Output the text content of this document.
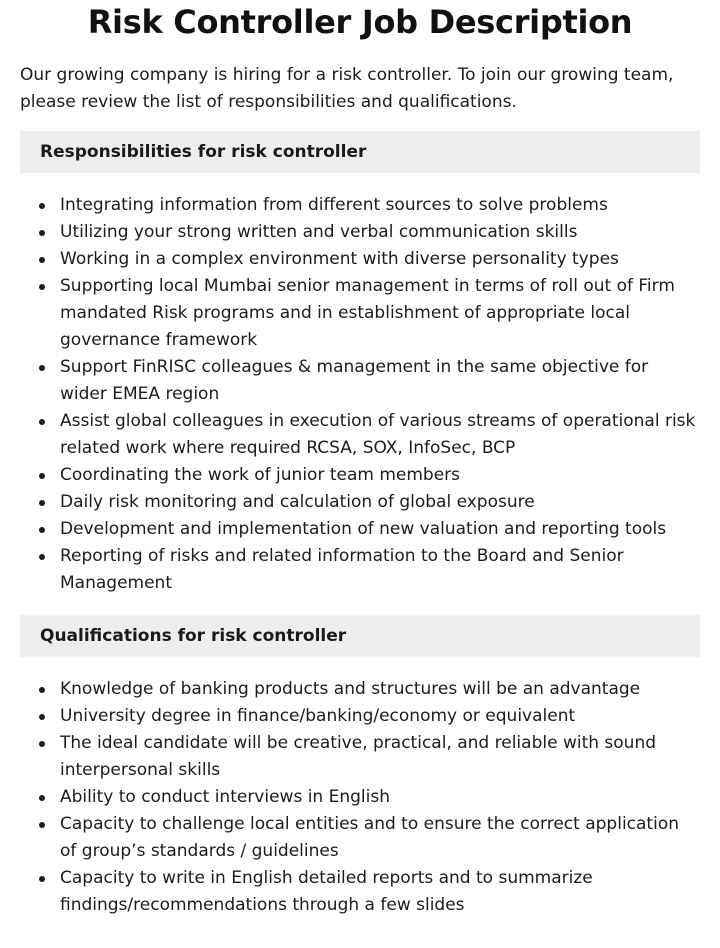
Risk Controller Job Description

Our growing company is hiring for a risk controller. To join our growing team, please review the list of responsibilities and qualifications.

Responsibilities for risk controller
Integrating information from different sources to solve problems
Utilizing your strong written and verbal communication skills
Working in a complex environment with diverse personality types
Supporting local Mumbai senior management in terms of roll out of Firm mandated Risk programs and in establishment of appropriate local governance framework
Support FinRISC colleagues & management in the same objective for wider EMEA region
Assist global colleagues in execution of various streams of operational risk related work where required RCSA, SOX, InfoSec, BCP
Coordinating the work of junior team members
Daily risk monitoring and calculation of global exposure
Development and implementation of new valuation and reporting tools
Reporting of risks and related information to the Board and Senior Management
Qualifications for risk controller
Knowledge of banking products and structures will be an advantage
University degree in finance/banking/economy or equivalent
The ideal candidate will be creative, practical, and reliable with sound interpersonal skills
Ability to conduct interviews in English
Capacity to challenge local entities and to ensure the correct application of group’s standards / guidelines
Capacity to write in English detailed reports and to summarize findings/recommendations through a few slides
